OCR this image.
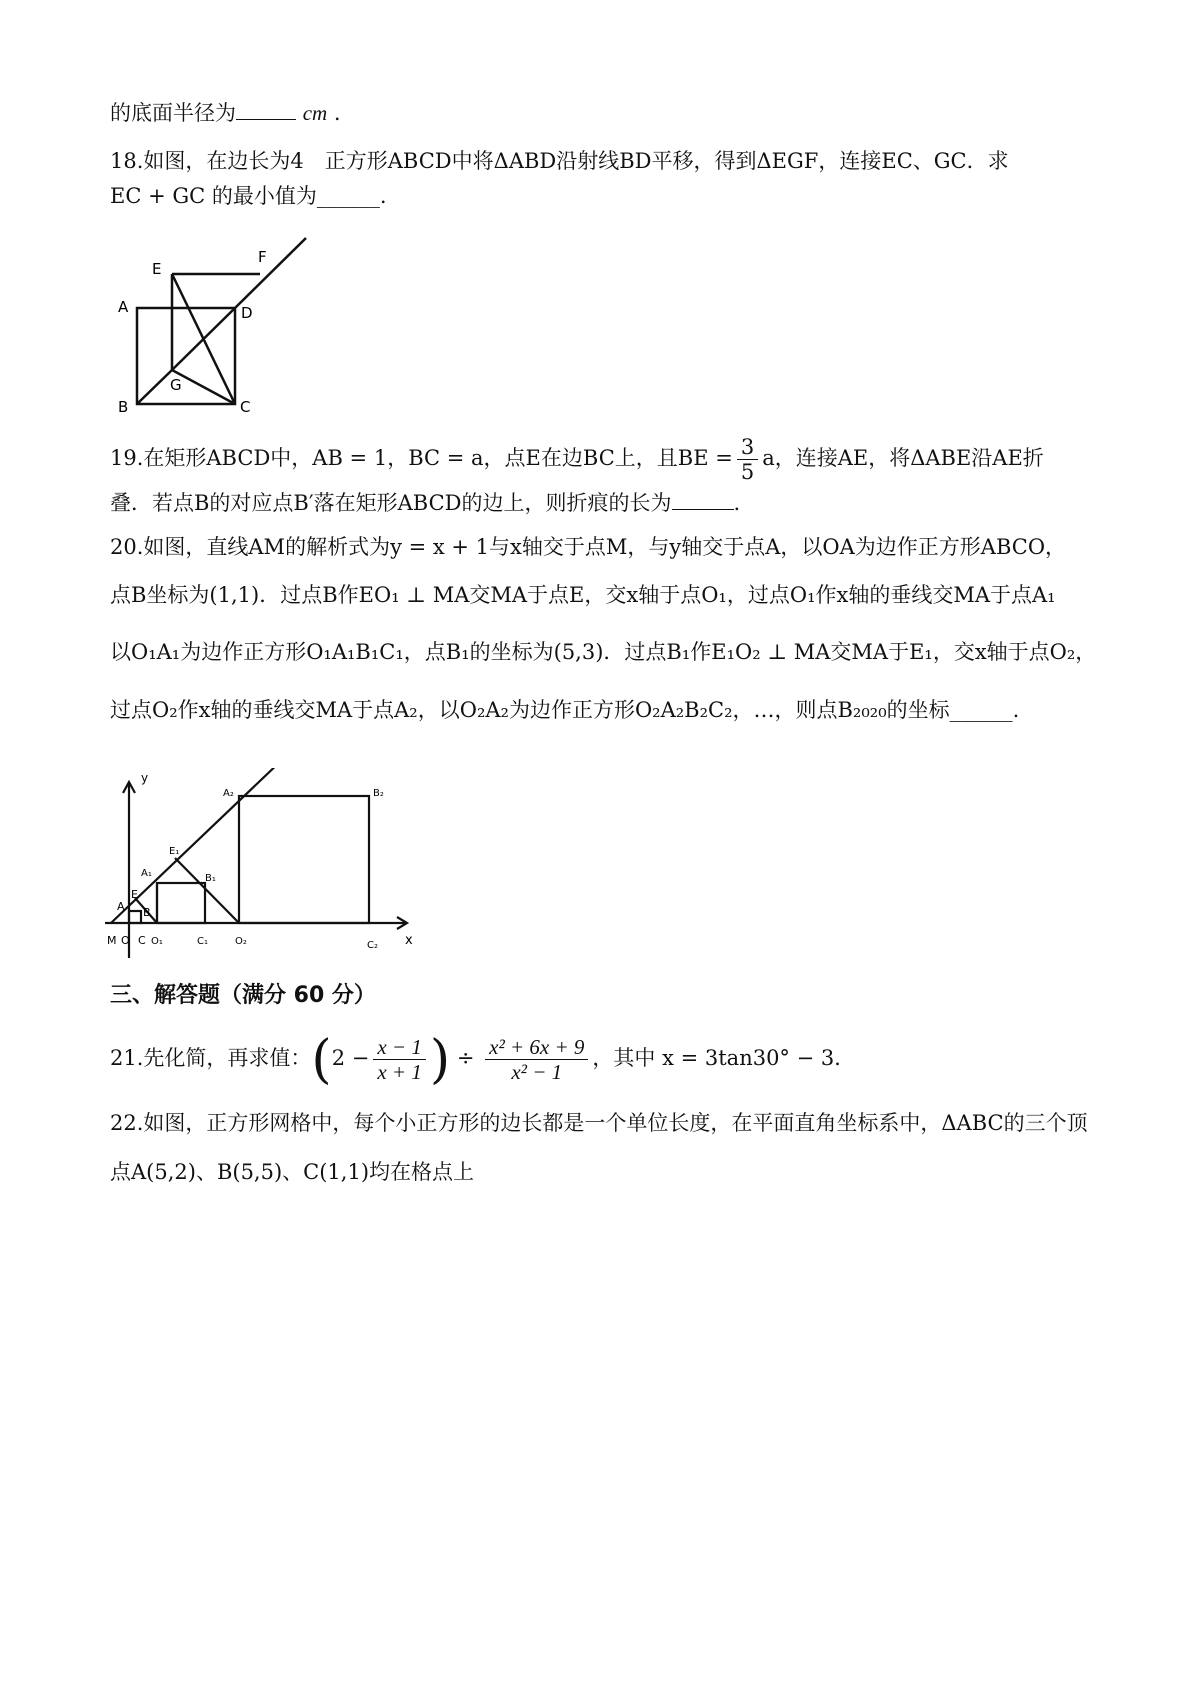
的底面半径为	cm .
18.如图，在边长为4　正方形ABCD中将ΔABD沿射线BD平移，得到ΔEGF，连接EC、GC．求
EC + GC 的最小值为______.
E
F
A	D
G
B	C
19.在矩形ABCD中，AB = 1，BC = a，点E在边BC上，且BE = $\frac{3}{5}$ a，连接AE，将ΔABE沿AE折
叠．若点B的对应点B′落在矩形ABCD的边上，则折痕的长为	.
20.如图，直线AM的解析式为y = x + 1与x轴交于点M，与y轴交于点A，以OA为边作正方形ABCO，
点B坐标为(1,1)．过点B作EO₁ ⊥ MA交MA于点E，交x轴于点O₁，过点O₁作x轴的垂线交MA于点A₁
以O₁A₁为边作正方形O₁A₁B₁C₁，点B₁的坐标为(5,3)．过点B₁作E₁O₂ ⊥ MA交MA于E₁，交x轴于点O₂，
过点O₂作x轴的垂线交MA于点A₂，以O₂A₂为边作正方形O₂A₂B₂C₂，…，则点B₂₀₂₀的坐标______.
y
x
M O C O₁	C₁	O₂	C₂
A
E
B
A₁
E₁
B₁
A₂	B₂
三、解答题（满分 60 分）
21.先化简，再求值：($2 - \frac{x - 1}{x + 1}$ ) ÷ $\frac{\text{x² + 6x + 9}}{\text{x² − 1}}$ ，其中 x = 3tan30° − 3．
22.如图，正方形网格中，每个小正方形的边长都是一个单位长度，在平面直角坐标系中，ΔABC的三个顶
点A(5,2)、B(5,5)、C(1,1)均在格点上
